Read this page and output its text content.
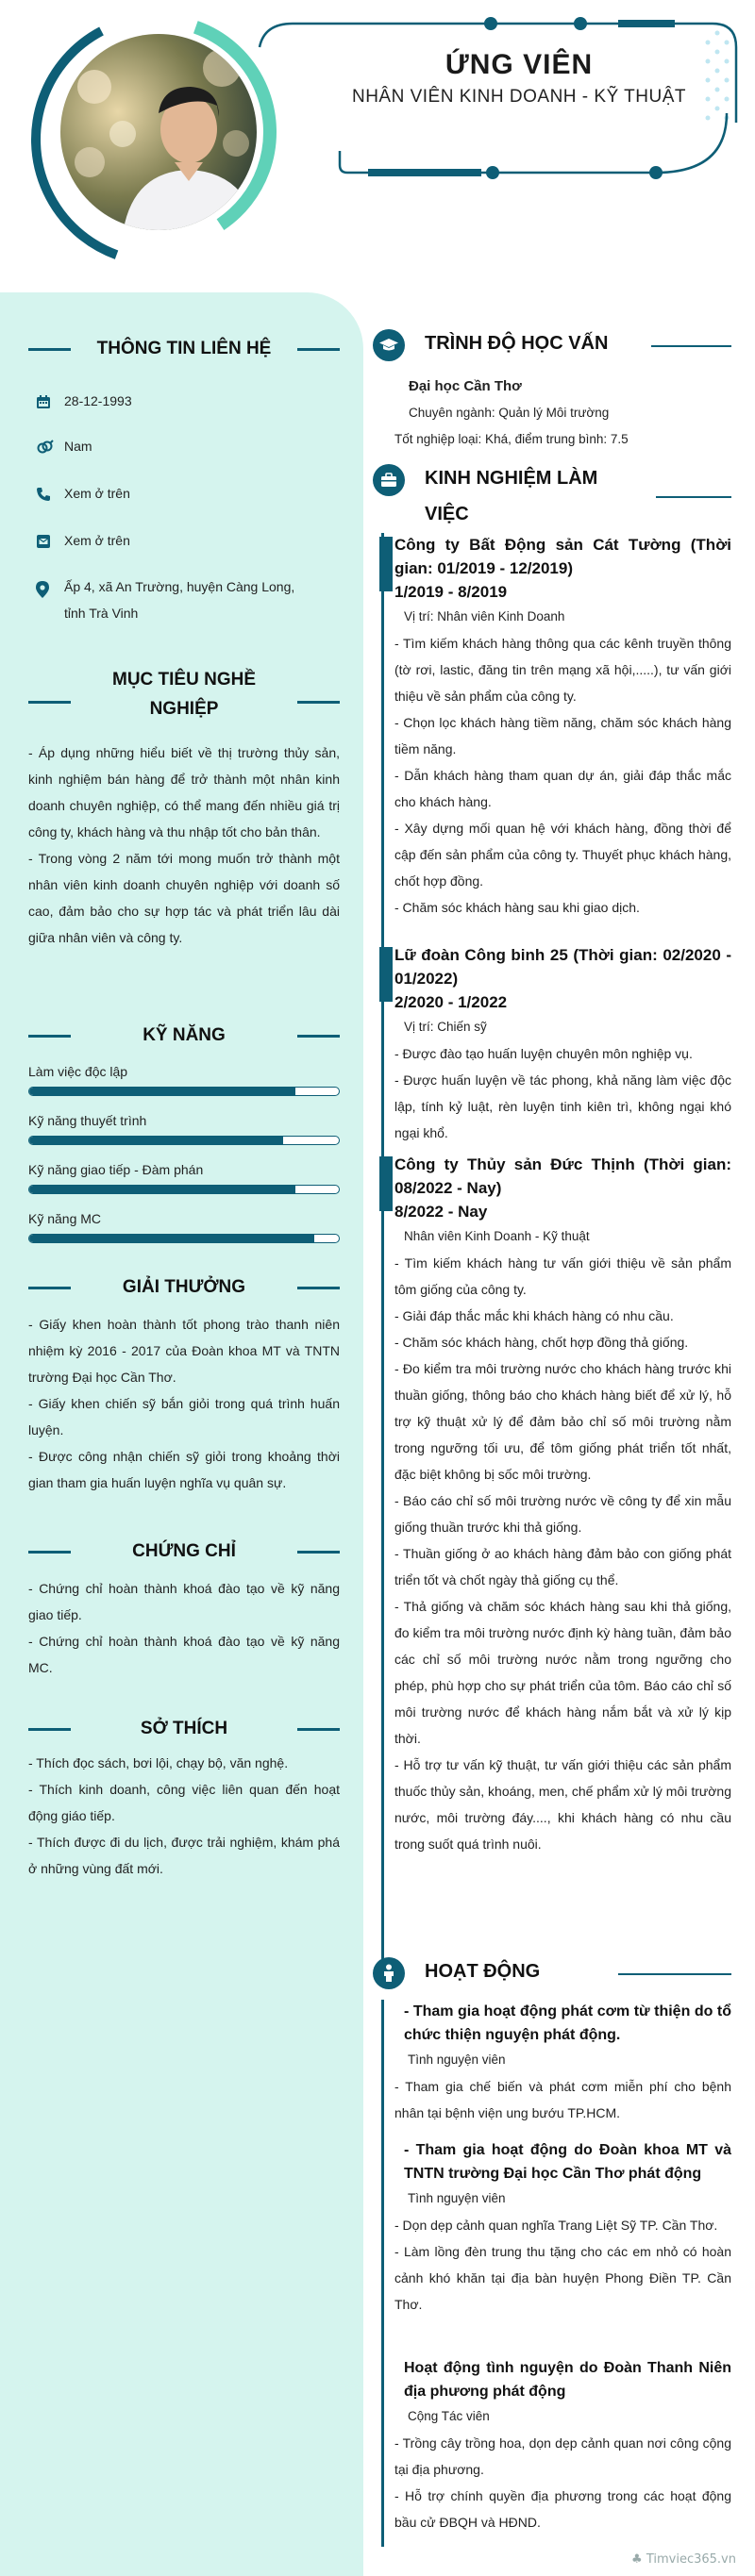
ỨNG VIÊN
NHÂN VIÊN KINH DOANH - KỸ THUẬT
THÔNG TIN LIÊN HỆ
28-12-1993
Nam
Xem ở trên
Xem ở trên
Ấp 4, xã An Trường, huyện Càng Long,
tỉnh Trà Vinh
MỤC TIÊU NGHỀ
NGHIỆP
- Áp dụng những hiểu biết về thị trường thủy sản, kinh nghiệm bán hàng để trở thành một nhân kinh doanh chuyên nghiệp, có thể mang đến nhiều giá trị công ty, khách hàng và thu nhập tốt cho bản thân.
- Trong vòng 2 năm tới mong muốn trở thành một nhân viên kinh doanh chuyên nghiệp với doanh số cao, đảm bảo cho sự hợp tác và phát triển lâu dài giữa nhân viên và công ty.
KỸ NĂNG
Làm việc độc lập
Kỹ năng thuyết trình
Kỹ năng giao tiếp - Đàm phán
Kỹ năng MC
GIẢI THƯỞNG
- Giấy khen hoàn thành tốt phong trào thanh niên nhiệm kỳ 2016 - 2017 của Đoàn khoa MT và TNTN trường Đại học Cần Thơ.
- Giấy khen chiến sỹ bắn giỏi trong quá trình huấn luyện.
- Được công nhận chiến sỹ giỏi trong khoảng thời gian tham gia huấn luyện nghĩa vụ quân sự.
CHỨNG CHỈ
- Chứng chỉ hoàn thành khoá đào tạo về kỹ năng giao tiếp.
- Chứng chỉ hoàn thành khoá đào tạo về kỹ năng MC.
SỞ THÍCH
- Thích đọc sách, bơi lội, chạy bộ, văn nghệ.
- Thích kinh doanh, công việc liên quan đến hoạt động giáo tiếp.
- Thích được đi du lịch, được trải nghiệm, khám phá ở những vùng đất mới.
TRÌNH ĐỘ HỌC VẤN
Đại học Cần Thơ
Chuyên ngành: Quản lý Môi trường
Tốt nghiệp loại: Khá, điểm trung bình: 7.5
KINH NGHIỆM LÀM
VIỆC
Công ty Bất Động sản Cát Tường (Thời gian: 01/2019 - 12/2019)
1/2019 - 8/2019
Vị trí: Nhân viên Kinh Doanh
- Tìm kiếm khách hàng thông qua các kênh truyền thông (tờ rơi, lastic, đăng tin trên mạng xã hội,.....), tư vấn giới thiệu về sản phẩm của công ty.
- Chọn lọc khách hàng tiềm năng, chăm sóc khách hàng tiềm năng.
- Dẫn khách hàng tham quan dự án, giải đáp thắc mắc cho khách hàng.
- Xây dựng mối quan hệ với khách hàng, đồng thời để cập đến sản phẩm của công ty. Thuyết phục khách hàng, chốt hợp đồng.
- Chăm sóc khách hàng sau khi giao dịch.
Lữ đoàn Công binh 25 (Thời gian: 02/2020 - 01/2022)
2/2020 - 1/2022
Vị trí: Chiến sỹ
- Được đào tạo huấn luyện chuyên môn nghiệp vụ.
- Được huấn luyện về tác phong, khả năng làm việc độc lập, tính kỷ luật, rèn luyện tinh kiên trì, không ngại khó ngại khổ.
Công ty Thủy sản Đức Thịnh (Thời gian: 08/2022 - Nay)
8/2022 - Nay
Nhân viên Kinh Doanh - Kỹ thuật
- Tìm kiếm khách hàng tư vấn giới thiệu về sản phẩm tôm giống của công ty.
- Giải đáp thắc mắc khi khách hàng có nhu cầu.
- Chăm sóc khách hàng, chốt hợp đồng thả giống.
- Đo kiểm tra môi trường nước cho khách hàng trước khi thuần giống, thông báo cho khách hàng biết để xử lý, hỗ trợ kỹ thuật xử lý để đảm bảo chỉ số môi trường nằm trong ngưỡng tối ưu, để tôm giống phát triển tốt nhất, đặc biệt không bị sốc môi trường.
- Báo cáo chỉ số môi trường nước về công ty để xin mẫu giống thuần trước khi thả giống.
- Thuần giống ở ao khách hàng đảm bảo con giống phát triển tốt và chốt ngày thả giống cụ thể.
- Thả giống và chăm sóc khách hàng sau khi thả giống, đo kiểm tra môi trường nước định kỳ hàng tuần, đảm bảo các chỉ số môi trường nước nằm trong ngưỡng cho phép, phù hợp cho sự phát triển của tôm. Báo cáo chỉ số môi trường nước để khách hàng nắm bắt và xử lý kịp thời.
- Hỗ trợ tư vấn kỹ thuật, tư vấn giới thiệu các sản phẩm thuốc thủy sản, khoáng, men, chế phẩm xử lý môi trường nước, môi trường đáy...., khi khách hàng có nhu cầu trong suốt quá trình nuôi.
HOẠT ĐỘNG
- Tham gia hoạt động phát cơm từ thiện do tổ chức thiện nguyện phát động.
Tình nguyện viên
- Tham gia chế biến và phát cơm miễn phí cho bệnh nhân tại bệnh viện ung bướu TP.HCM.
- Tham gia hoạt động do Đoàn khoa MT và TNTN trường Đại học Cần Thơ phát động
Tình nguyện viên
- Dọn dẹp cảnh quan nghĩa Trang Liệt Sỹ TP. Cần Thơ.
- Làm lồng đèn trung thu tặng cho các em nhỏ có hoàn cảnh khó khăn tại địa bàn huyện Phong Điền TP. Cần Thơ.
Hoạt động tình nguyện do Đoàn Thanh Niên địa phương phát động
Cộng Tác viên
- Trồng cây trồng hoa, dọn dẹp cảnh quan nơi công cộng tại địa phương.
- Hỗ trợ chính quyền địa phương trong các hoạt động bầu cử ĐBQH và HĐND.
♣ Timviec365.vn
